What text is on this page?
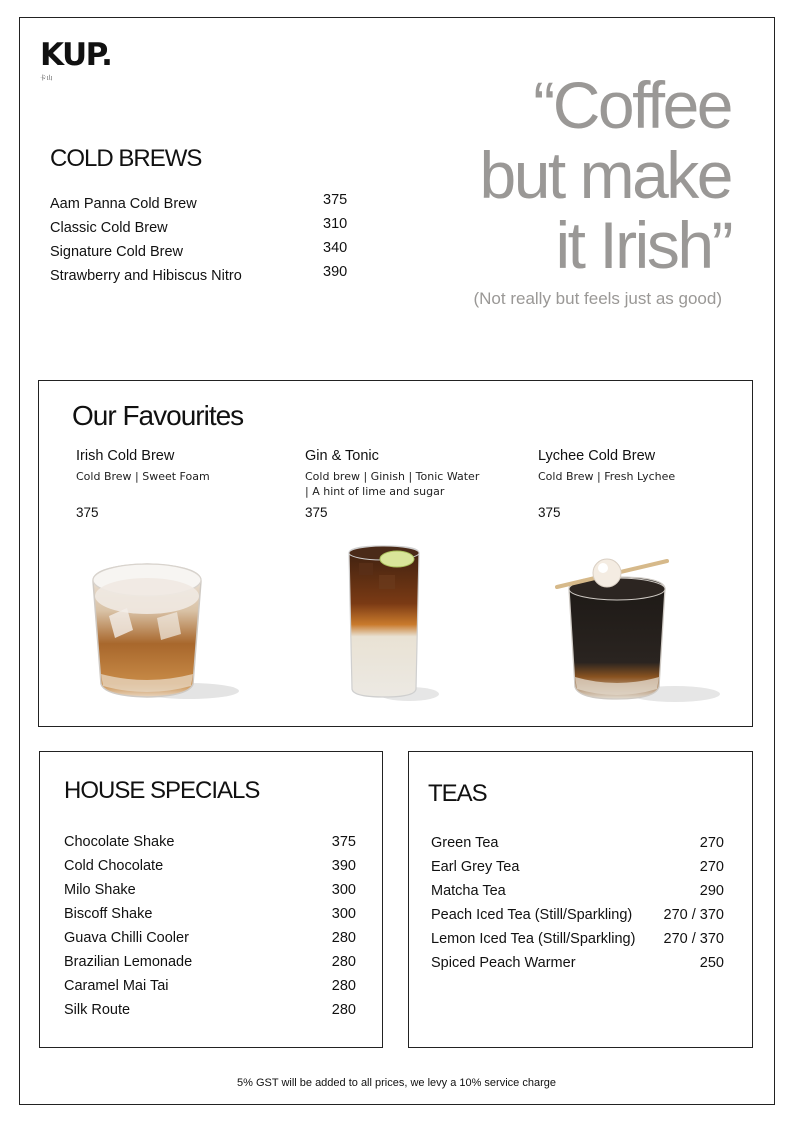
KUP.
卡山	“Coffee
but make
it Irish”
(Not really but feels just as good)
COLD BREWS
Aam Panna Cold Brew	375
Classic Cold Brew	310
Signature Cold Brew	340
Strawberry and Hibiscus Nitro	390
Our Favourites
Irish Cold Brew
Cold Brew | Sweet Foam
375
Gin & Tonic
Cold brew | Ginish | Tonic Water | A hint of lime and sugar
375
Lychee Cold Brew
Cold Brew | Fresh Lychee
375
HOUSE SPECIALS
Chocolate Shake	375
Cold Chocolate	390
Milo Shake	300
Biscoff Shake	300
Guava Chilli Cooler	280
Brazilian Lemonade	280
Caramel Mai Tai	280
Silk Route	280
TEAS
Green Tea	270
Earl Grey Tea	270
Matcha Tea	290
Peach Iced Tea (Still/Sparkling) 270 / 370
Lemon Iced Tea (Still/Sparkling) 270 / 370
Spiced Peach Warmer	250
5% GST will be added to all prices, we levy a 10% service charge
